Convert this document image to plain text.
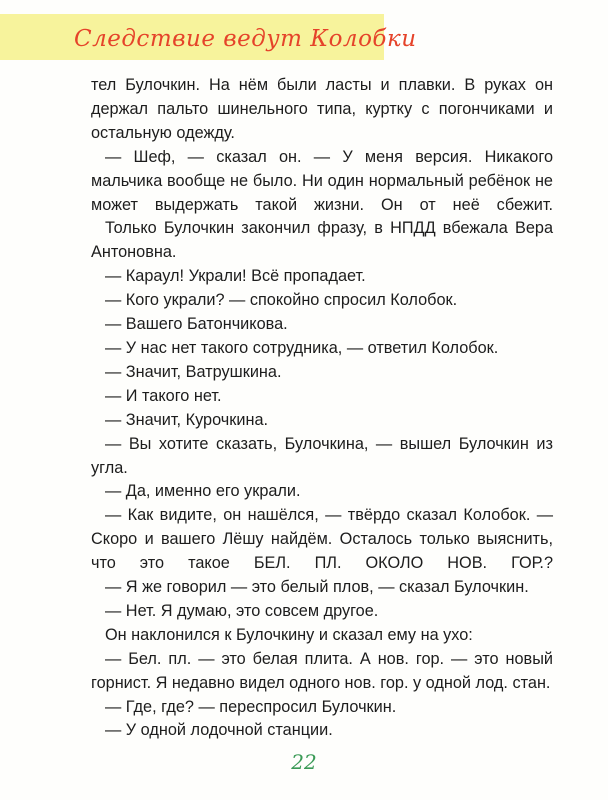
Следствие ведут Колобки

тел Булочкин. На нём были ласты и плавки. В руках он держал пальто шинельного типа, куртку с погончиками и остальную одежду.

— Шеф, — сказал он. — У меня версия. Никакого мальчика вообще не было. Ни один нормальный ребёнок не может выдержать такой жизни. Он от неё сбежит.

Только Булочкин закончил фразу, в НПДД вбежала Вера Антоновна.

— Караул! Украли! Всё пропадает.

— Кого украли? — спокойно спросил Колобок.

— Вашего Батончикова.

— У нас нет такого сотрудника, — ответил Колобок.

— Значит, Ватрушкина.

— И такого нет.

— Значит, Курочкина.

— Вы хотите сказать, Булочкина, — вышел Булочкин из угла.

— Да, именно его украли.

— Как видите, он нашёлся, — твёрдо сказал Колобок. — Скоро и вашего Лёшу найдём. Осталось только выяснить, что это такое БЕЛ. ПЛ. ОКОЛО НОВ. ГОР.?

— Я же говорил — это белый плов, — сказал Булочкин.

— Нет. Я думаю, это совсем другое.

Он наклонился к Булочкину и сказал ему на ухо:

— Бел. пл. — это белая плита. А нов. гор. — это новый горнист. Я недавно видел одного нов. гор. у одной лод. стан.

— Где, где? — переспросил Булочкин.

— У одной лодочной станции.

22
